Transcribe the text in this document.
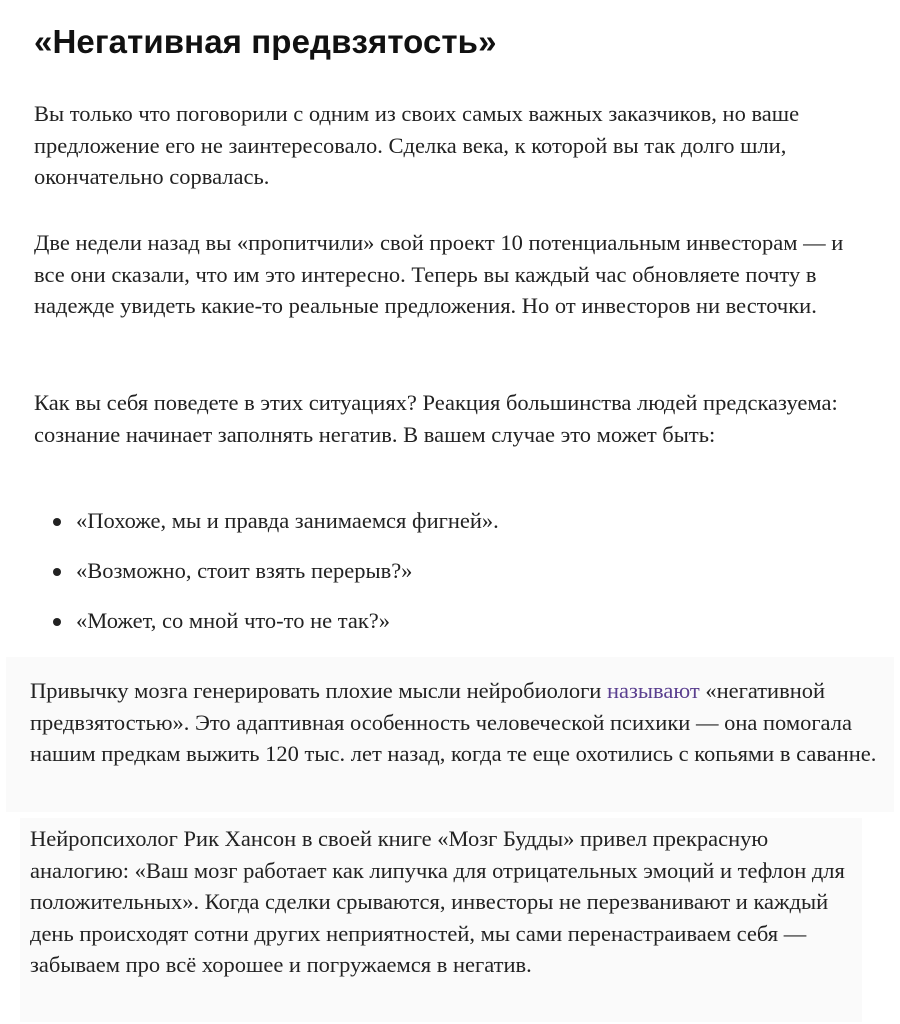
«Негативная предвзятость»

Вы только что поговорили с одним из своих самых важных заказчиков, но ваше предложение его не заинтересовало. Сделка века, к которой вы так долго шли, окончательно сорвалась.

Две недели назад вы «пропитчили» свой проект 10 потенциальным инвесторам — и все они сказали, что им это интересно. Теперь вы каждый час обновляете почту в надежде увидеть какие-то реальные предложения. Но от инвесторов ни весточки.

Как вы себя поведете в этих ситуациях? Реакция большинства людей предсказуема: сознание начинает заполнять негатив. В вашем случае это может быть:

«Похоже, мы и правда занимаемся фигней».
«Возможно, стоит взять перерыв?»
«Может, со мной что-то не так?»

Привычку мозга генерировать плохие мысли нейробиологи называют «негативной предвзятостью». Это адаптивная особенность человеческой психики — она помогала нашим предкам выжить 120 тыс. лет назад, когда те еще охотились с копьями в саванне.

Нейропсихолог Рик Хансон в своей книге «Мозг Будды» привел прекрасную аналогию: «Ваш мозг работает как липучка для отрицательных эмоций и тефлон для положительных». Когда сделки срываются, инвесторы не перезванивают и каждый день происходят сотни других неприятностей, мы сами перенастраиваем себя — забываем про всё хорошее и погружаемся в негатив.
